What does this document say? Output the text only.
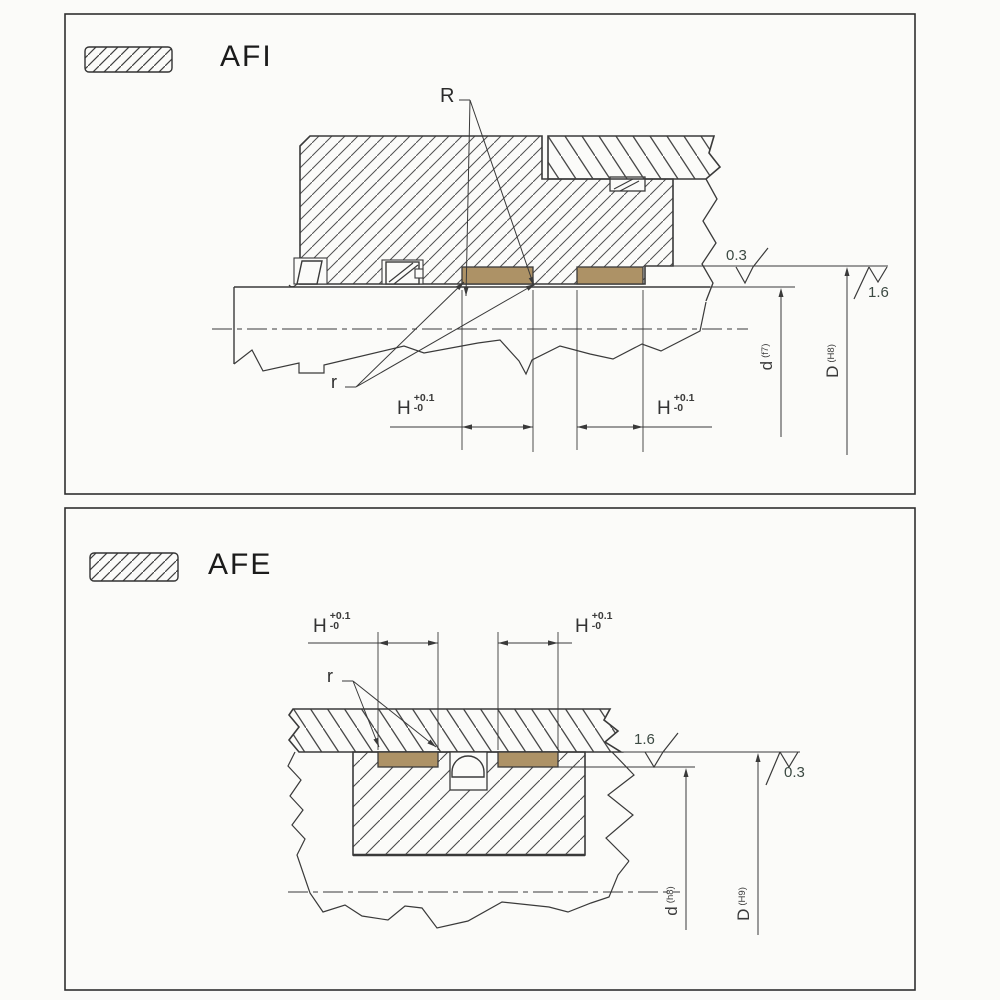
AFI
R
r
H +0.1
-0	H +0.1
-0
0.3
1.6
d
(f7)
D
(H8)
AFE
r
H +0.1
-0	H +0.1
-0
1.6
0.3
d
(h8)
D
(H9)
